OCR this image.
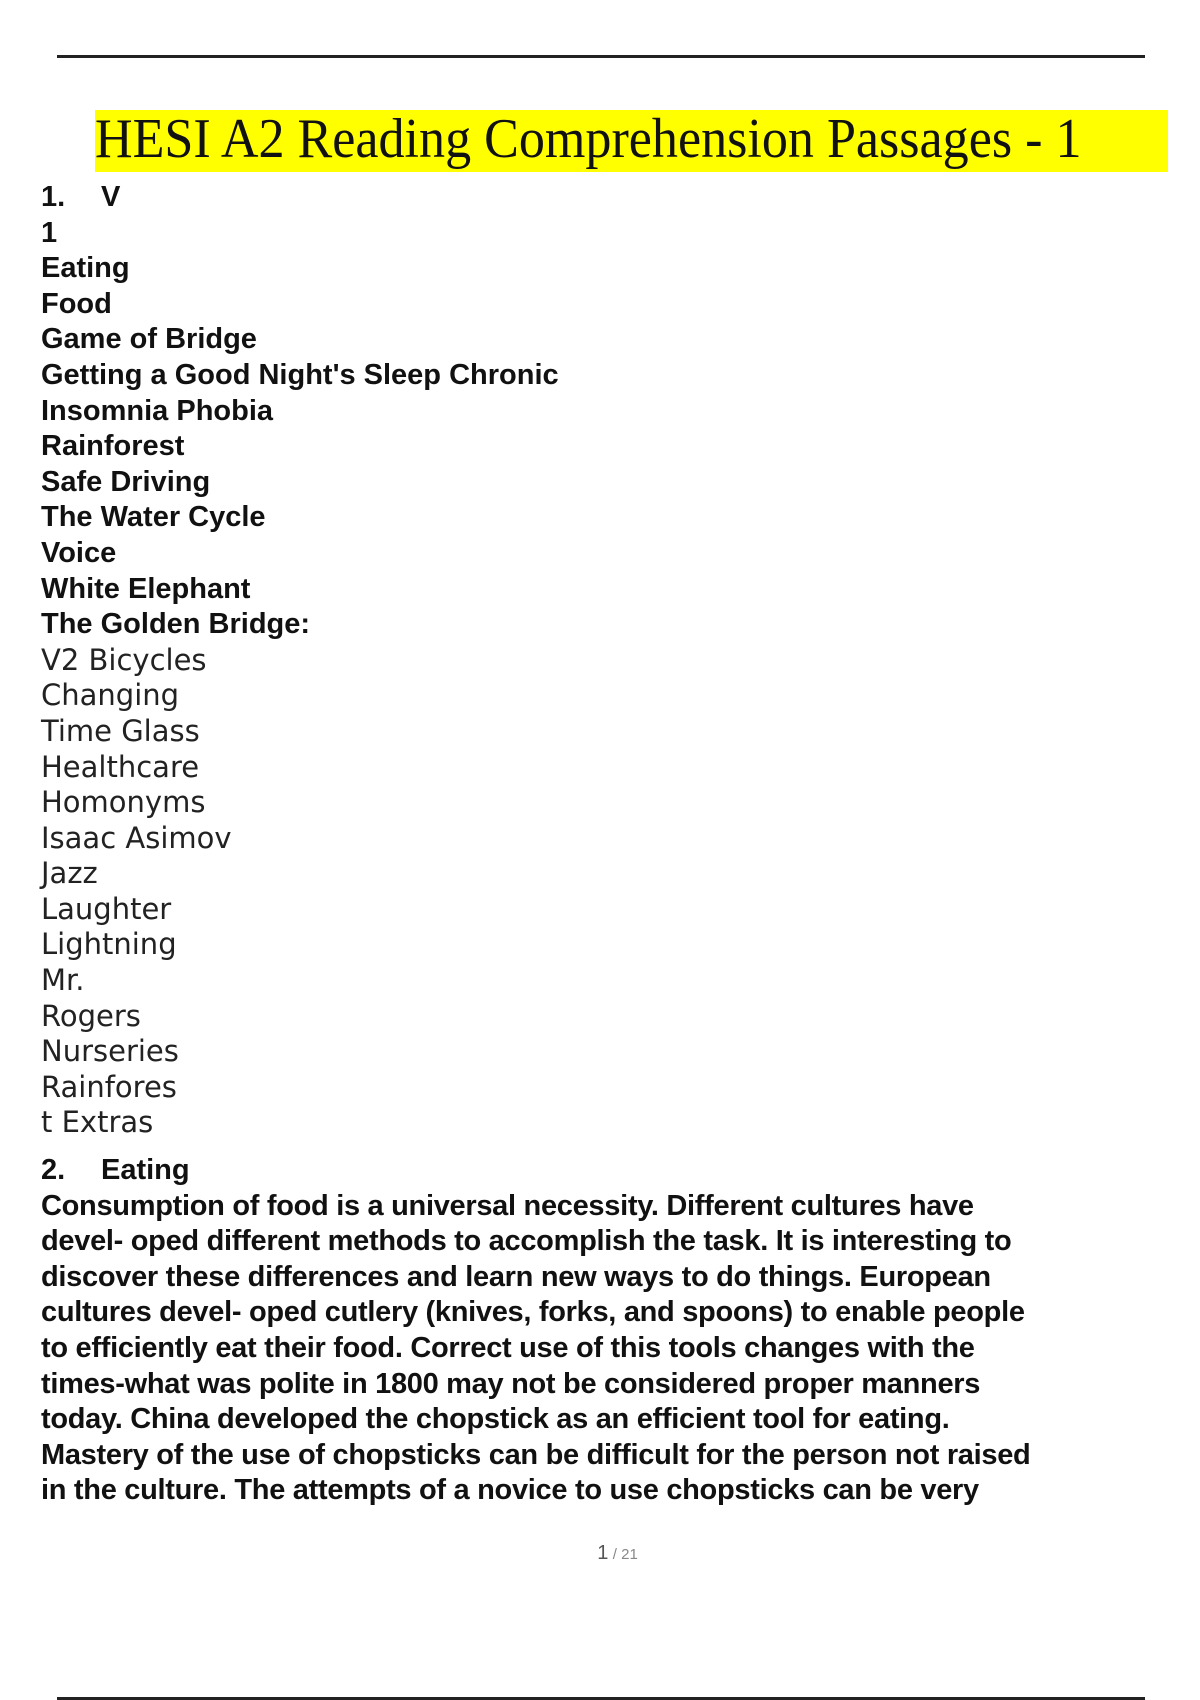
HESI A2 Reading Comprehension Passages - 1
1. V
1
Eating
Food
Game of Bridge
Getting a Good Night's Sleep Chronic
Insomnia Phobia
Rainforest
Safe Driving
The Water Cycle
Voice
White Elephant
The Golden Bridge:
V2 Bicycles
Changing
Time Glass
Healthcare
Homonyms
Isaac Asimov
Jazz
Laughter
Lightning
Mr.
Rogers
Nurseries
Rainfores
t Extras
2. Eating
Consumption of food is a universal necessity. Different cultures have
devel- oped different methods to accomplish the task. It is interesting to
discover these differences and learn new ways to do things. European
cultures devel- oped cutlery (knives, forks, and spoons) to enable people
to efficiently eat their food. Correct use of this tools changes with the
times-what was polite in 1800 may not be considered proper manners
today. China developed the chopstick as an efficient tool for eating.
Mastery of the use of chopsticks can be difficult for the person not raised
in the culture. The attempts of a novice to use chopsticks can be very
1 / 21
